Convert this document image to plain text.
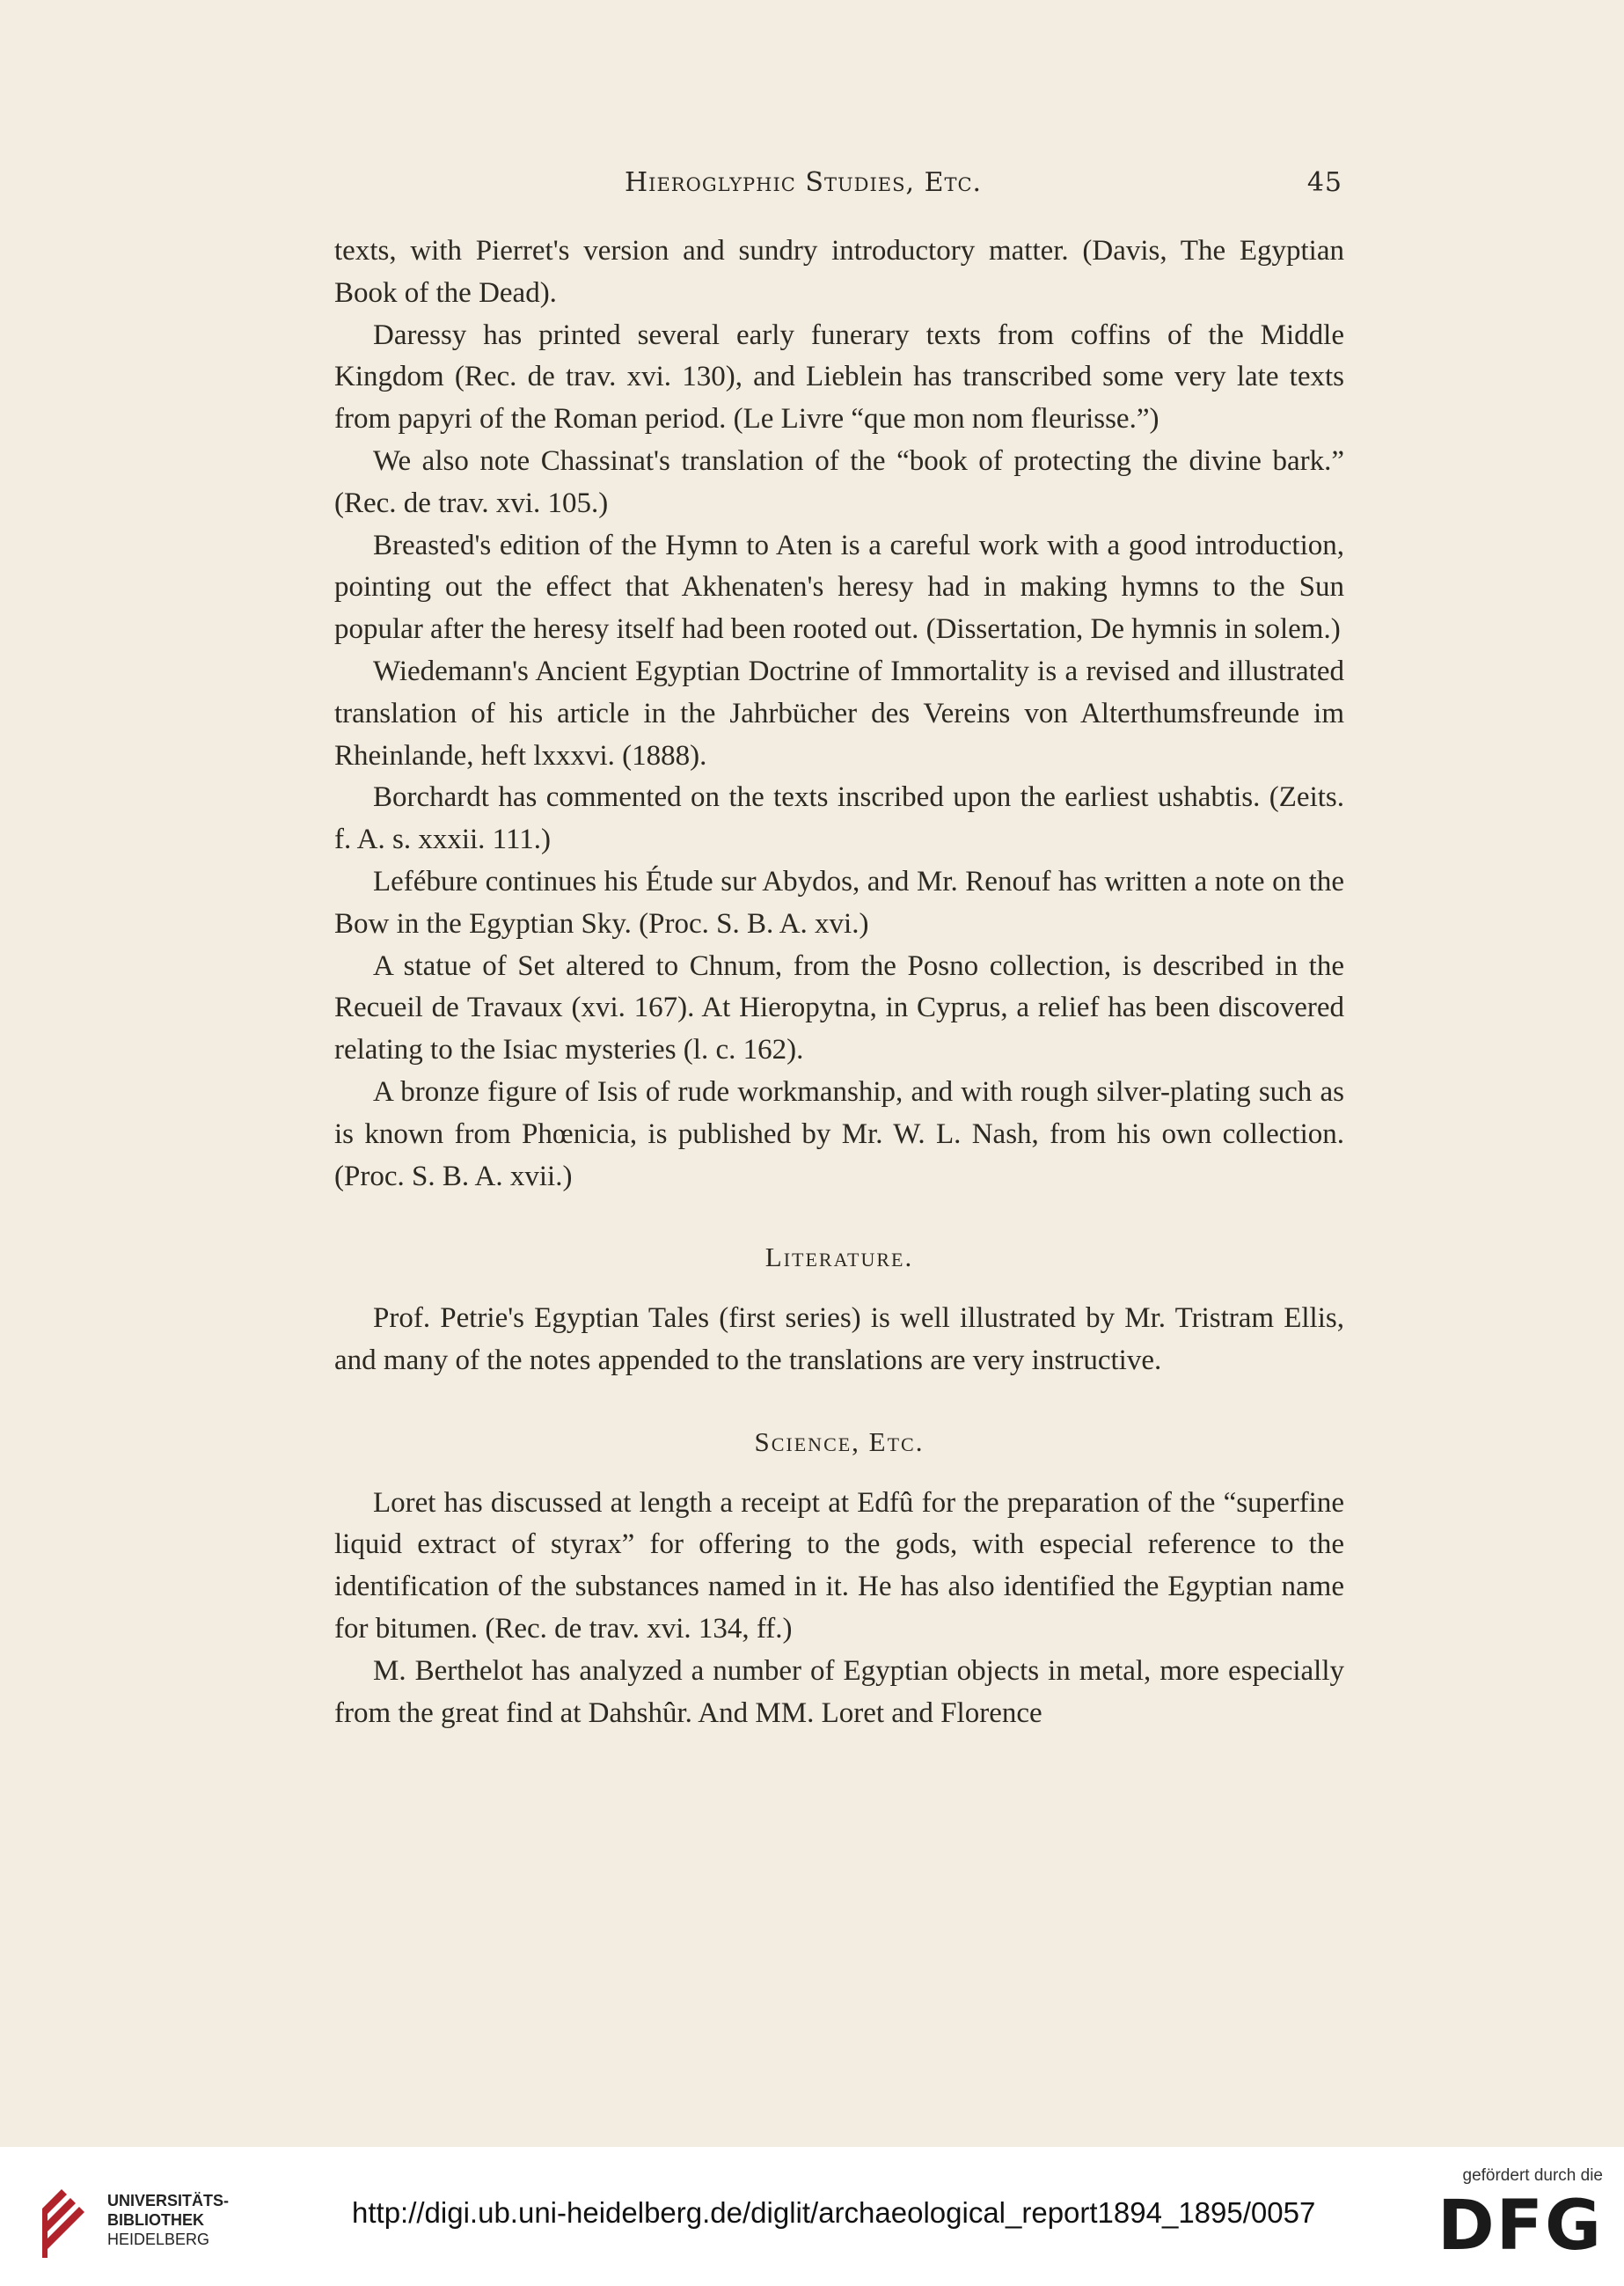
Hieroglyphic Studies, Etc.	45

texts, with Pierret's version and sundry introductory matter. (Davis, The Egyptian Book of the Dead).

Daressy has printed several early funerary texts from coffins of the Middle Kingdom (Rec. de trav. xvi. 130), and Lieblein has transcribed some very late texts from papyri of the Roman period. (Le Livre “que mon nom fleurisse.”)

We also note Chassinat's translation of the “book of protecting the divine bark.” (Rec. de trav. xvi. 105.)

Breasted's edition of the Hymn to Aten is a careful work with a good introduction, pointing out the effect that Akhenaten's heresy had in making hymns to the Sun popular after the heresy itself had been rooted out. (Dissertation, De hymnis in solem.)

Wiedemann's Ancient Egyptian Doctrine of Immortality is a revised and illustrated translation of his article in the Jahrbücher des Vereins von Alterthumsfreunde im Rheinlande, heft lxxxvi. (1888).

Borchardt has commented on the texts inscribed upon the earliest ushabtis. (Zeits. f. A. s. xxxii. 111.)

Lefébure continues his Étude sur Abydos, and Mr. Renouf has written a note on the Bow in the Egyptian Sky. (Proc. S. B. A. xvi.)

A statue of Set altered to Chnum, from the Posno collection, is described in the Recueil de Travaux (xvi. 167). At Hieropytna, in Cyprus, a relief has been discovered relating to the Isiac mysteries (l. c. 162).

A bronze figure of Isis of rude workmanship, and with rough silver-plating such as is known from Phœnicia, is published by Mr. W. L. Nash, from his own collection. (Proc. S. B. A. xvii.)

Literature.

Prof. Petrie's Egyptian Tales (first series) is well illustrated by Mr. Tristram Ellis, and many of the notes appended to the translations are very instructive.

Science, Etc.

Loret has discussed at length a receipt at Edfû for the preparation of the “superfine liquid extract of styrax” for offering to the gods, with especial reference to the identification of the substances named in it. He has also identified the Egyptian name for bitumen. (Rec. de trav. xvi. 134, ff.)

M. Berthelot has analyzed a number of Egyptian objects in metal, more especially from the great find at Dahshûr. And MM. Loret and Florence

UNIVERSITÄTS-
BIBLIOTHEK
HEIDELBERG
http://digi.ub.uni-heidelberg.de/diglit/archaeological_report1894_1895/0057
gefördert durch die
DFG
